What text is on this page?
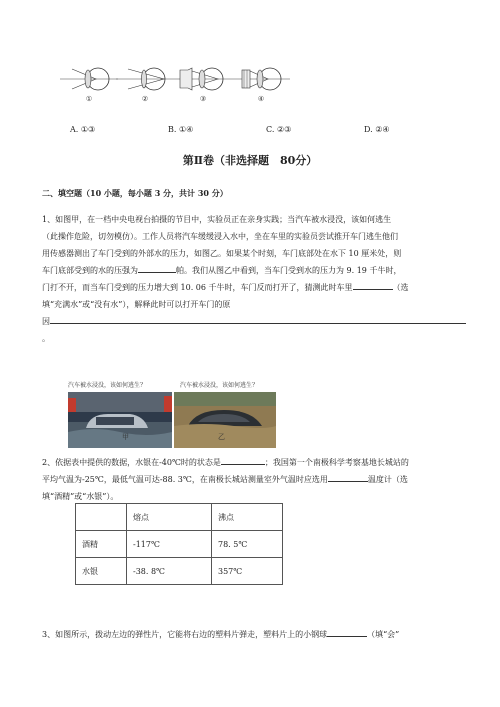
①	②	③	④
A. ①③	B. ①④	C. ②③	D. ②④
第Ⅱ卷（非选择题　80分）
二、填空题（10 小题，每小题 3 分，共计 30 分）
1、如图甲，在一档中央电视台拍摄的节目中，实验员正在亲身实践；当汽车被水浸没，该如何逃生
（此操作危险，切勿模仿）。工作人员将汽车缓缓浸入水中，坐在车里的实验员尝试推开车门逃生他们
用传感器测出了车门受到的外部水的压力，如图乙。如果某个时刻，车门底部处在水下 10 厘米处，则
车门底部受到的水的压强为	帕。我们从图乙中看到，当车门受到水的压力为 9. 19 千牛时，
门打不开，而当车门受到的压力增大到 10. 06 千牛时，车门反而打开了，猜测此时车里	（选
填“充满水”或“没有水”），解释此时可以打开车门的原
因
。
汽车被水浸没，该如何逃生？	汽车被水浸没，该如何逃生？
甲	乙
2、依据表中提供的数据，水银在-40℃时的状态是	；我国第一个南极科学考察基地长城站的
平均气温为-25℃，最低气温可达-88. 3℃，在南极长城站测量室外气温时应选用	温度计（选
填“酒精”或“水银”）。
	熔点	沸点
酒精	-117℃	78. 5℃
水银	-38. 8℃	357℃
3、如图所示，拨动左边的弹性片，它能将右边的塑料片弹走，塑料片上的小钢球	（填“会”
